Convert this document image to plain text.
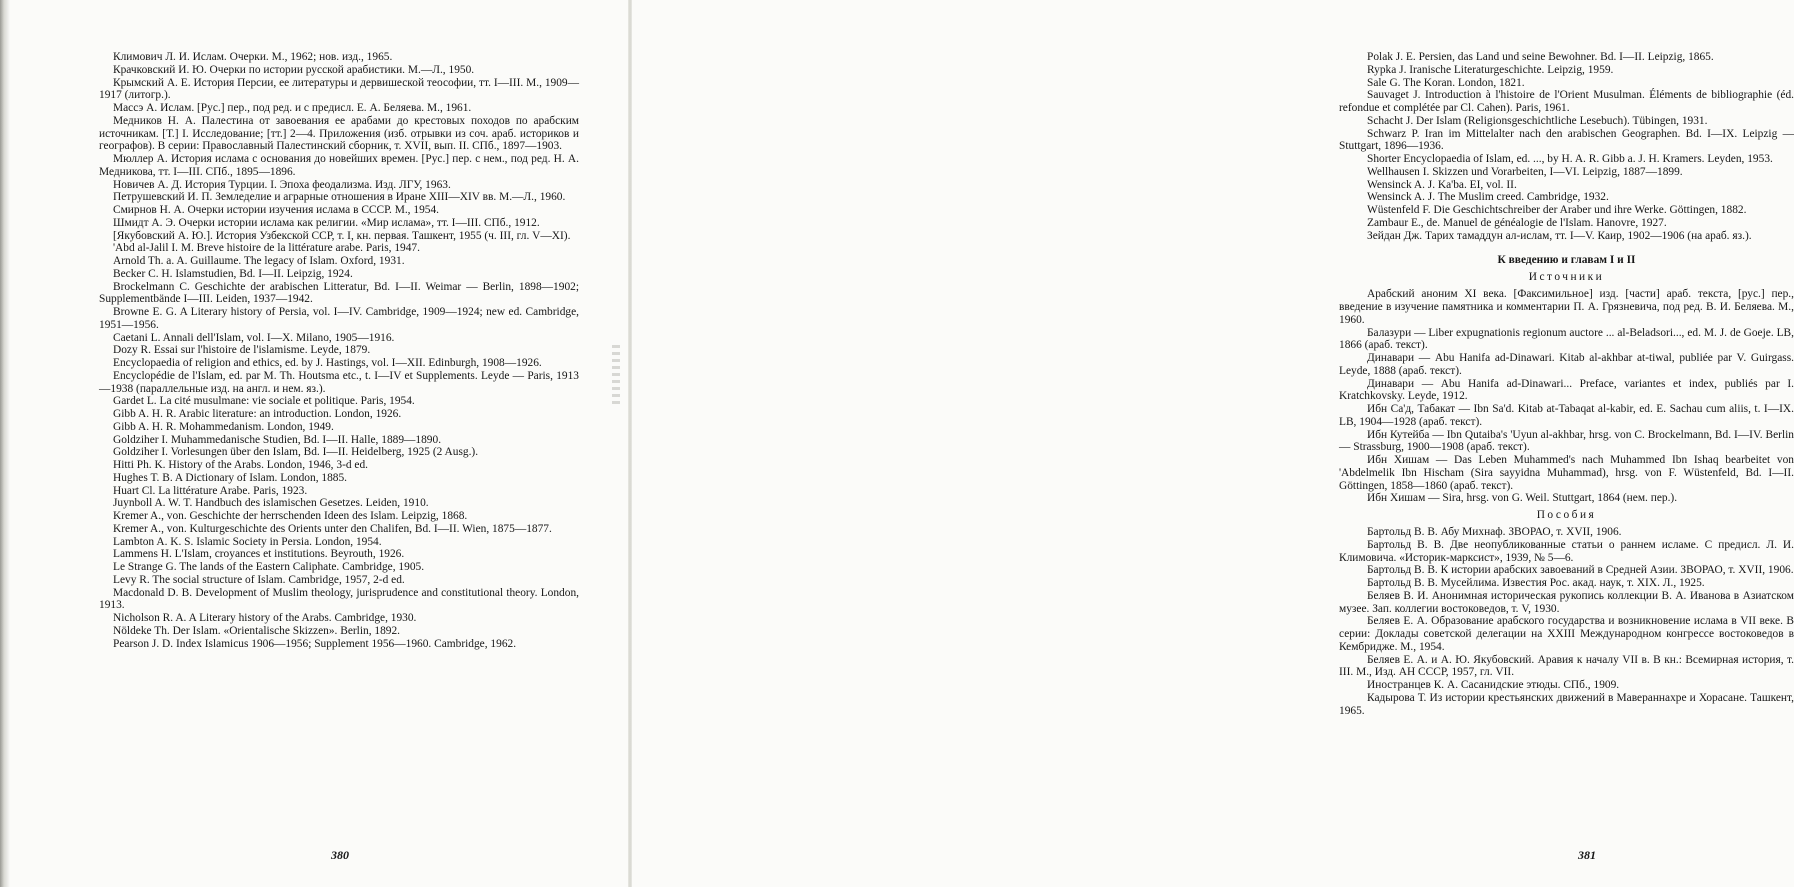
Климович Л. И. Ислам. Очерки. М., 1962; нов. изд., 1965.
Крачковский И. Ю. Очерки по истории русской арабистики. М.—Л., 1950.
Крымский А. Е. История Персии, ее литературы и дервишеской теософии, тт. I—III. М., 1909—1917 (литогр.).
Массэ А. Ислам. [Рус.] пер., под ред. и с предисл. Е. А. Беляева. М., 1961.
Медников Н. А. Палестина от завоевания ее арабами до крестовых походов по арабским источникам. [Т.] I. Исследование; [тт.] 2—4. Приложения (изб. отрывки из соч. араб. историков и географов). В серии: Православный Палестинский сборник, т. XVII, вып. II. СПб., 1897—1903.
Мюллер А. История ислама с основания до новейших времен. [Рус.] пер. с нем., под ред. Н. А. Медникова, тт. I—III. СПб., 1895—1896.
Новичев А. Д. История Турции. I. Эпоха феодализма. Изд. ЛГУ, 1963.
Петрушевский И. П. Земледелие и аграрные отношения в Иране XIII—XIV вв. М.—Л., 1960.
Смирнов Н. А. Очерки истории изучения ислама в СССР. М., 1954.
Шмидт А. Э. Очерки истории ислама как религии. «Мир ислама», тт. I—III. СПб., 1912.
[Якубовский А. Ю.]. История Узбекской ССР, т. I, кн. первая. Ташкент, 1955 (ч. III, гл. V—XI).
'Abd al-Jalil I. M. Breve histoire de la littérature arabe. Paris, 1947.
Arnold Th. a. A. Guillaume. The legacy of Islam. Oxford, 1931.
Becker C. H. Islamstudien, Bd. I—II. Leipzig, 1924.
Brockelmann C. Geschichte der arabischen Litteratur, Bd. I—II. Weimar — Berlin, 1898—1902; Supplementbände I—III. Leiden, 1937—1942.
Browne E. G. A Literary history of Persia, vol. I—IV. Cambridge, 1909—1924; new ed. Cambridge, 1951—1956.
Caetani L. Annali dell'Islam, vol. I—X. Milano, 1905—1916.
Dozy R. Essai sur l'histoire de l'islamisme. Leyde, 1879.
Encyclopaedia of religion and ethics, ed. by J. Hastings, vol. I—XII. Edinburgh, 1908—1926.
Encyclopédie de l'Islam, ed. par M. Th. Houtsma etc., t. I—IV et Supplements. Leyde — Paris, 1913—1938 (параллельные изд. на англ. и нем. яз.).
Gardet L. La cité musulmane: vie sociale et politique. Paris, 1954.
Gibb A. H. R. Arabic literature: an introduction. London, 1926.
Gibb A. H. R. Mohammedanism. London, 1949.
Goldziher I. Muhammedanische Studien, Bd. I—II. Halle, 1889—1890.
Goldziher I. Vorlesungen über den Islam, Bd. I—II. Heidelberg, 1925 (2 Ausg.).
Hitti Ph. K. History of the Arabs. London, 1946, 3-d ed.
Hughes T. B. A Dictionary of Islam. London, 1885.
Huart Cl. La littérature Arabe. Paris, 1923.
Juynboll A. W. T. Handbuch des islamischen Gesetzes. Leiden, 1910.
Kremer A., von. Geschichte der herrschenden Ideen des Islam. Leipzig, 1868.
Kremer A., von. Kulturgeschichte des Orients unter den Chalifen, Bd. I—II. Wien, 1875—1877.
Lambton A. K. S. Islamic Society in Persia. London, 1954.
Lammens H. L'Islam, croyances et institutions. Beyrouth, 1926.
Le Strange G. The lands of the Eastern Caliphate. Cambridge, 1905.
Levy R. The social structure of Islam. Cambridge, 1957, 2-d ed.
Macdonald D. B. Development of Muslim theology, jurisprudence and constitutional theory. London, 1913.
Nicholson R. A. A Literary history of the Arabs. Cambridge, 1930.
Nöldeke Th. Der Islam. «Orientalische Skizzen». Berlin, 1892.
Pearson J. D. Index Islamicus 1906—1956; Supplement 1956—1960. Cambridge, 1962.
380
Polak J. E. Persien, das Land und seine Bewohner. Bd. I—II. Leipzig, 1865.
Rypka J. Iranische Literaturgeschichte. Leipzig, 1959.
Sale G. The Koran. London, 1821.
Sauvaget J. Introduction à l'histoire de l'Orient Musulman. Éléments de bibliographie (éd. refondue et complétée par Cl. Cahen). Paris, 1961.
Schacht J. Der Islam (Religionsgeschichtliche Lesebuch). Tübingen, 1931.
Schwarz P. Iran im Mittelalter nach den arabischen Geographen. Bd. I—IX. Leipzig — Stuttgart, 1896—1936.
Shorter Encyclopaedia of Islam, ed. ..., by H. A. R. Gibb a. J. H. Kramers. Leyden, 1953.
Wellhausen I. Skizzen und Vorarbeiten, I—VI. Leipzig, 1887—1899.
Wensinck A. J. Ka'ba. EI, vol. II.
Wensinck A. J. The Muslim creed. Cambridge, 1932.
Wüstenfeld F. Die Geschichtschreiber der Araber und ihre Werke. Göttingen, 1882.
Zambaur E., de. Manuel de généalogie de l'Islam. Hanovre, 1927.
Зейдан Дж. Тарих тамаддун ал-ислам, тт. I—V. Каир, 1902—1906 (на араб. яз.).
К введению и главам I и II
Источники
Арабский аноним XI века. [Факсимильное] изд. [части] араб. текста, [рус.] пер., введение в изучение памятника и комментарии П. А. Грязневича, под ред. В. И. Беляева. М., 1960.
Балазури — Liber expugnationis regionum auctore ... al-Beladsori..., ed. M. J. de Goeje. LB, 1866 (араб. текст).
Динавари — Abu Hanifa ad-Dinawari. Kitab al-akhbar at-tiwal, publiée par V. Guirgass. Leyde, 1888 (араб. текст).
Динавари — Abu Hanifa ad-Dinawari... Preface, variantes et index, publiés par I. Kratchkovsky. Leyde, 1912.
Ибн Са'д, Табакат — Ibn Sa'd. Kitab at-Tabaqat al-kabir, ed. E. Sachau cum aliis, t. I—IX. LB, 1904—1928 (араб. текст).
Ибн Кутейба — Ibn Qutaiba's 'Uyun al-akhbar, hrsg. von C. Brockelmann, Bd. I—IV. Berlin — Strassburg, 1900—1908 (араб. текст).
Ибн Хишам — Das Leben Muhammed's nach Muhammed Ibn Ishaq bearbeitet von 'Abdelmelik Ibn Hischam (Sira sayyidna Muhammad), hrsg. von F. Wüstenfeld, Bd. I—II. Göttingen, 1858—1860 (араб. текст).
Ибн Хишам — Sira, hrsg. von G. Weil. Stuttgart, 1864 (нем. пер.).
Пособия
Бартольд В. В. Абу Михнаф. ЗВОРАО, т. XVII, 1906.
Бартольд В. В. Две неопубликованные статьи о раннем исламе. С предисл. Л. И. Климовича. «Историк-марксист», 1939, № 5—6.
Бартольд В. В. К истории арабских завоеваний в Средней Азии. ЗВОРАО, т. XVII, 1906.
Бартольд В. В. Мусейлима. Известия Рос. акад. наук, т. XIX. Л., 1925.
Беляев В. И. Анонимная историческая рукопись коллекции В. А. Иванова в Азиатском музее. Зап. коллегии востоковедов, т. V, 1930.
Беляев Е. А. Образование арабского государства и возникновение ислама в VII веке. В серии: Доклады советской делегации на XXIII Международном конгрессе востоковедов в Кембридже. М., 1954.
Беляев Е. А. и А. Ю. Якубовский. Аравия к началу VII в. В кн.: Всемирная история, т. III. М., Изд. АН СССР, 1957, гл. VII.
Иностранцев К. А. Сасанидские этюды. СПб., 1909.
Кадырова Т. Из истории крестьянских движений в Мавераннахре и Хорасане. Ташкент, 1965.
381
